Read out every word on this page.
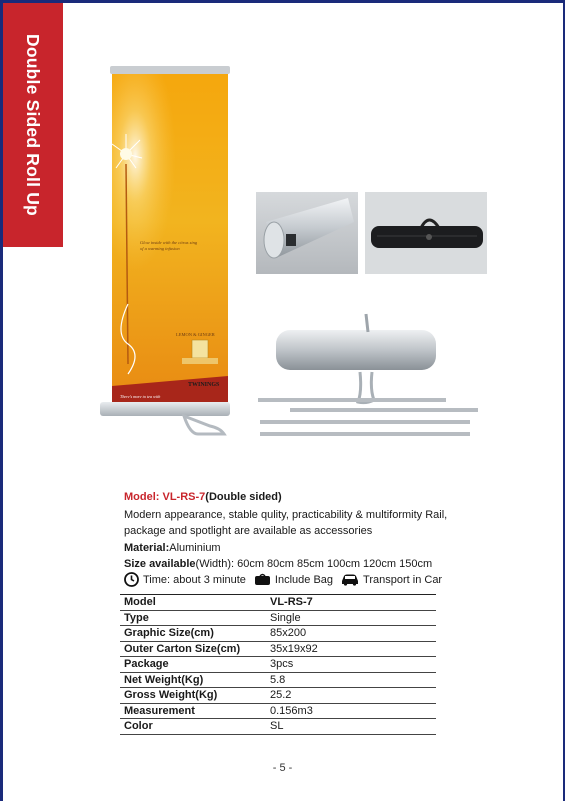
Double Sided Roll Up
Glow inside with the citrus sing
of a warming infusion
LEMON & GINGER
There's more to tea with
TWININGS
Model: VL-RS-7(Double sided)
Modern appearance, stable qulity, practicability & multiformity Rail, package and spotlight are available as accessories
Material:Aluminium
Size available(Width): 60cm 80cm 85cm 100cm 120cm 150cm
Time: about 3 minute	Include Bag	Transport in Car
Model	VL-RS-7
Type	Single
Graphic Size(cm)	85x200
Outer Carton Size(cm)	35x19x92
Package	3pcs
Net Weight(Kg)	5.8
Gross Weight(Kg)	25.2
Measurement	0.156m3
Color	SL
- 5 -
